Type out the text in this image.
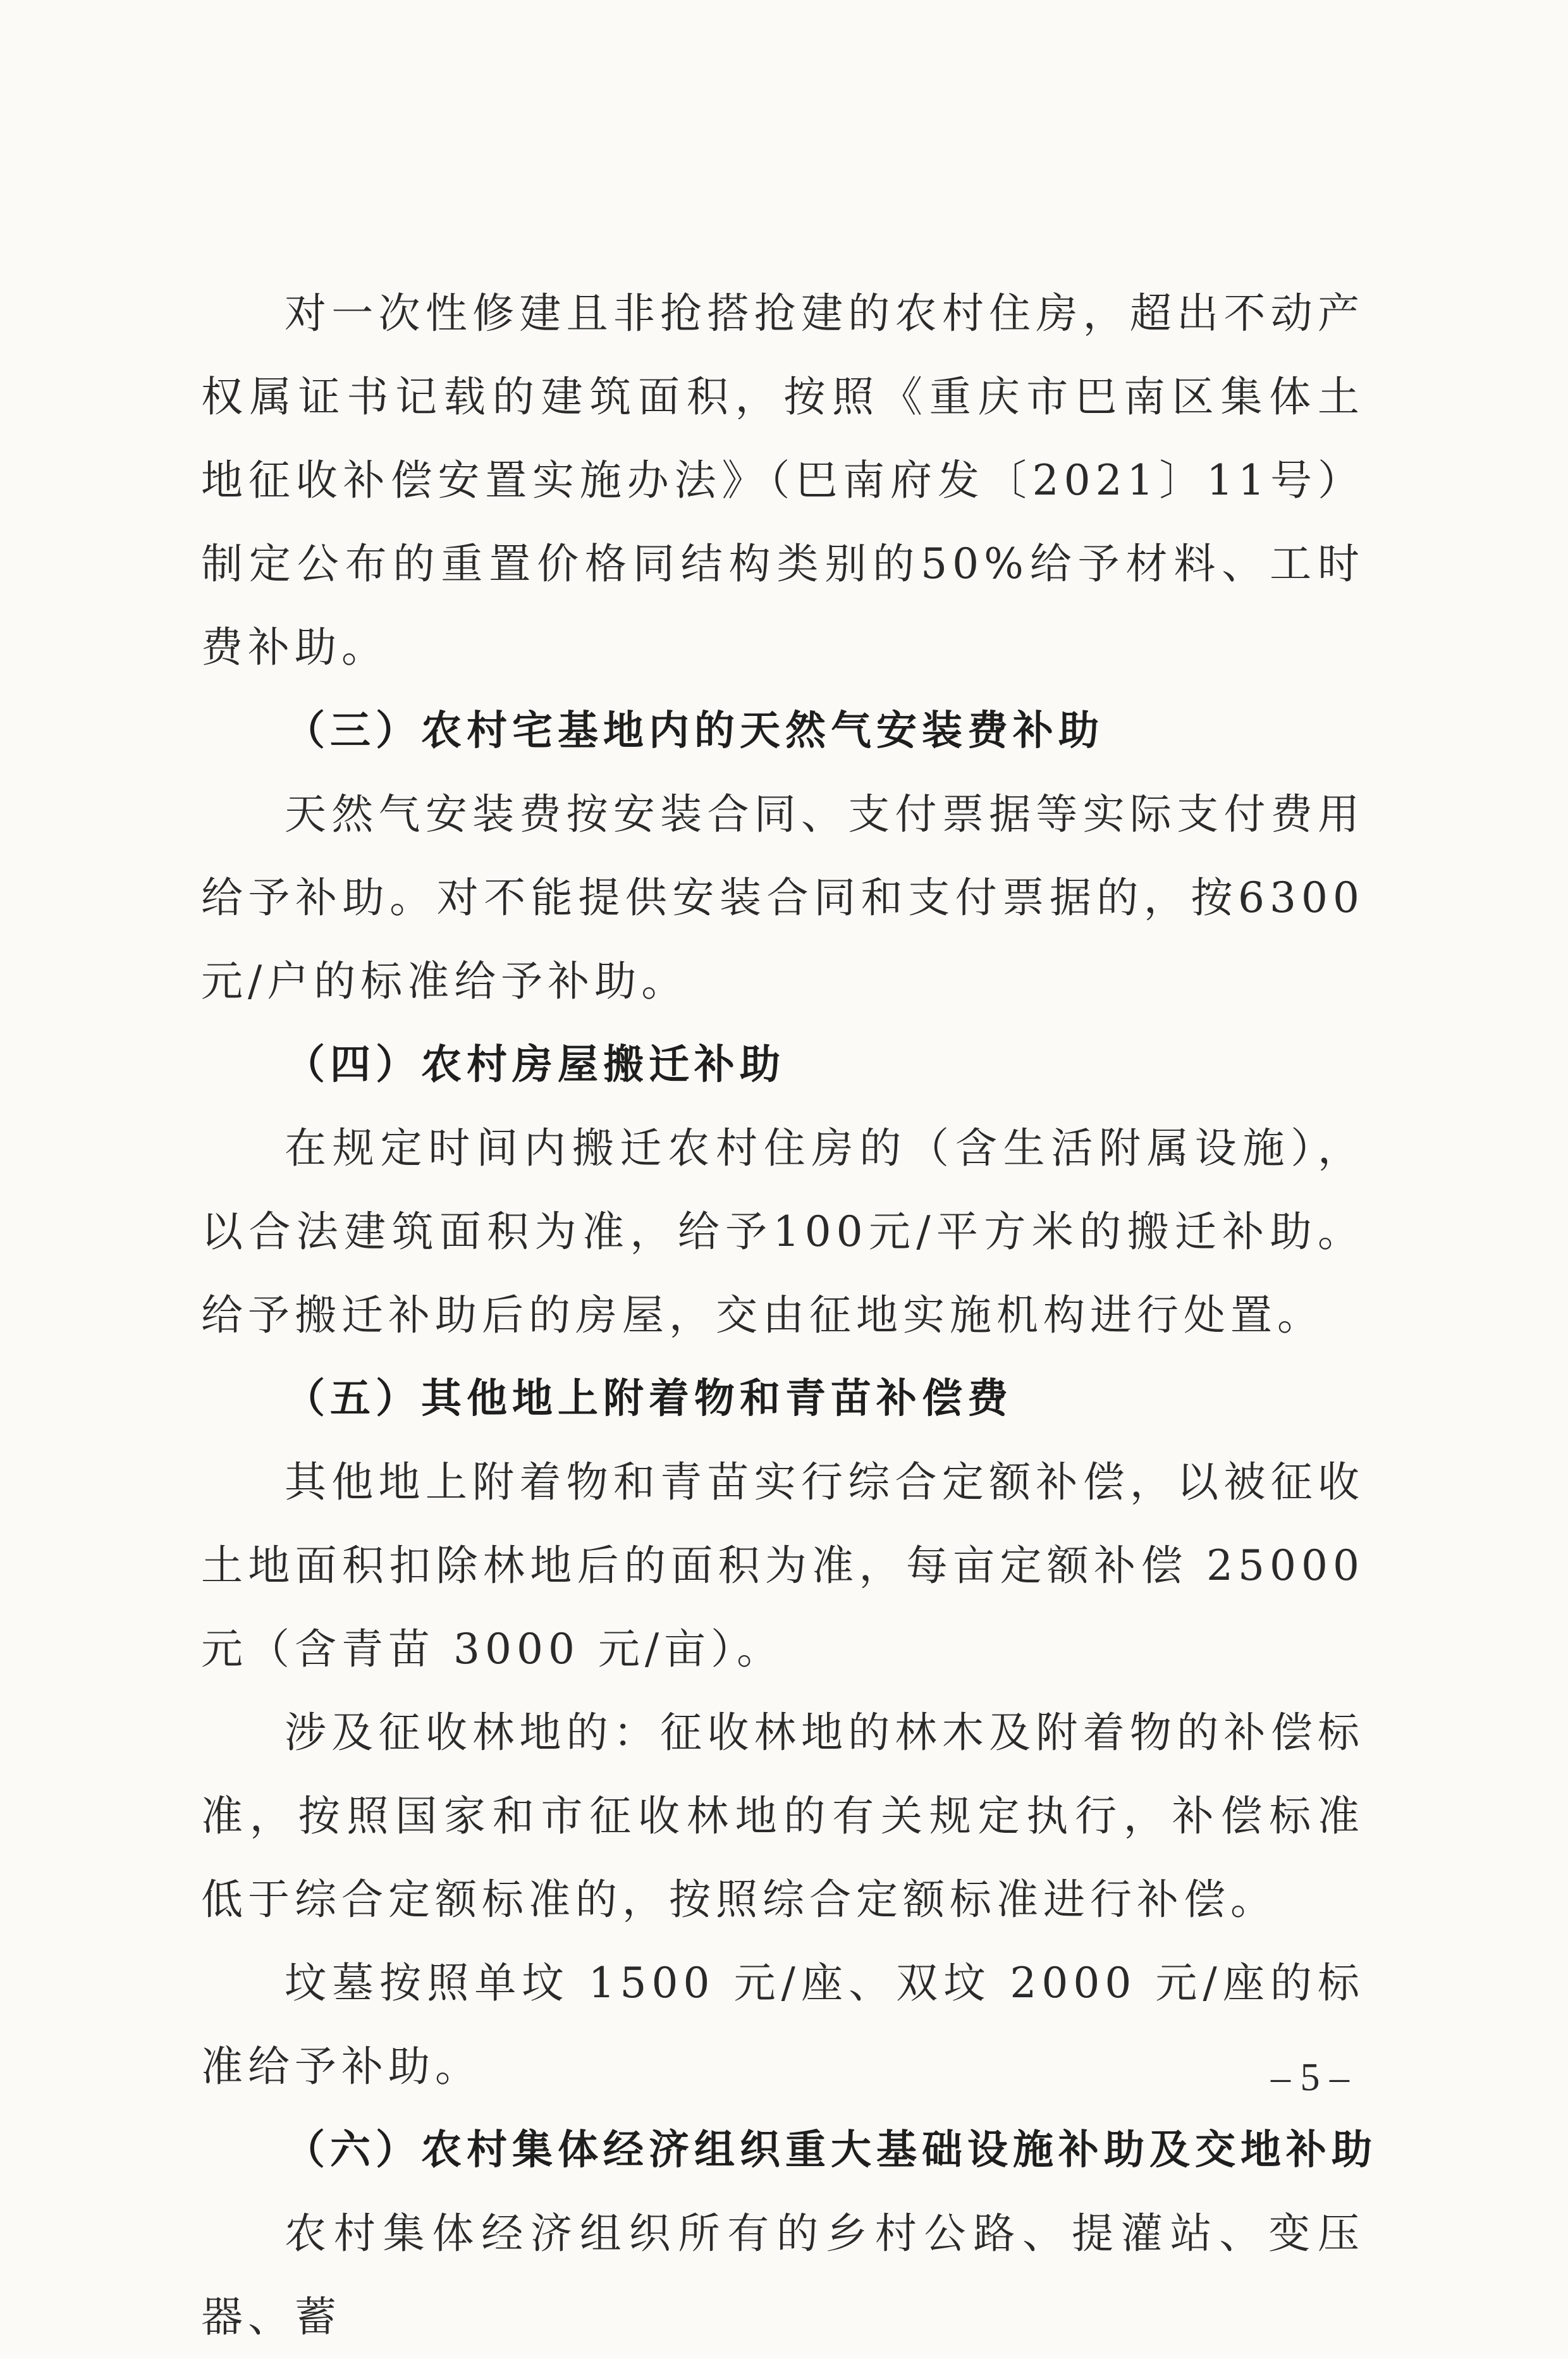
对一次性修建且非抢搭抢建的农村住房，超出不动产权属证书记载的建筑面积，按照《重庆市巴南区集体土地征收补偿安置实施办法》（巴南府发〔2021〕11号）制定公布的重置价格同结构类别的50%给予材料、工时费补助。

（三）农村宅基地内的天然气安装费补助

天然气安装费按安装合同、支付票据等实际支付费用给予补助。对不能提供安装合同和支付票据的，按6300元/户的标准给予补助。

（四）农村房屋搬迁补助

在规定时间内搬迁农村住房的（含生活附属设施），以合法建筑面积为准，给予100元/平方米的搬迁补助。给予搬迁补助后的房屋，交由征地实施机构进行处置。

（五）其他地上附着物和青苗补偿费

其他地上附着物和青苗实行综合定额补偿，以被征收土地面积扣除林地后的面积为准，每亩定额补偿 25000 元（含青苗 3000 元/亩）。

涉及征收林地的：征收林地的林木及附着物的补偿标准，按照国家和市征收林地的有关规定执行，补偿标准低于综合定额标准的，按照综合定额标准进行补偿。

坟墓按照单坟 1500 元/座、双坟 2000 元/座的标准给予补助。

（六）农村集体经济组织重大基础设施补助及交地补助

农村集体经济组织所有的乡村公路、提灌站、变压器、蓄

– 5 –
